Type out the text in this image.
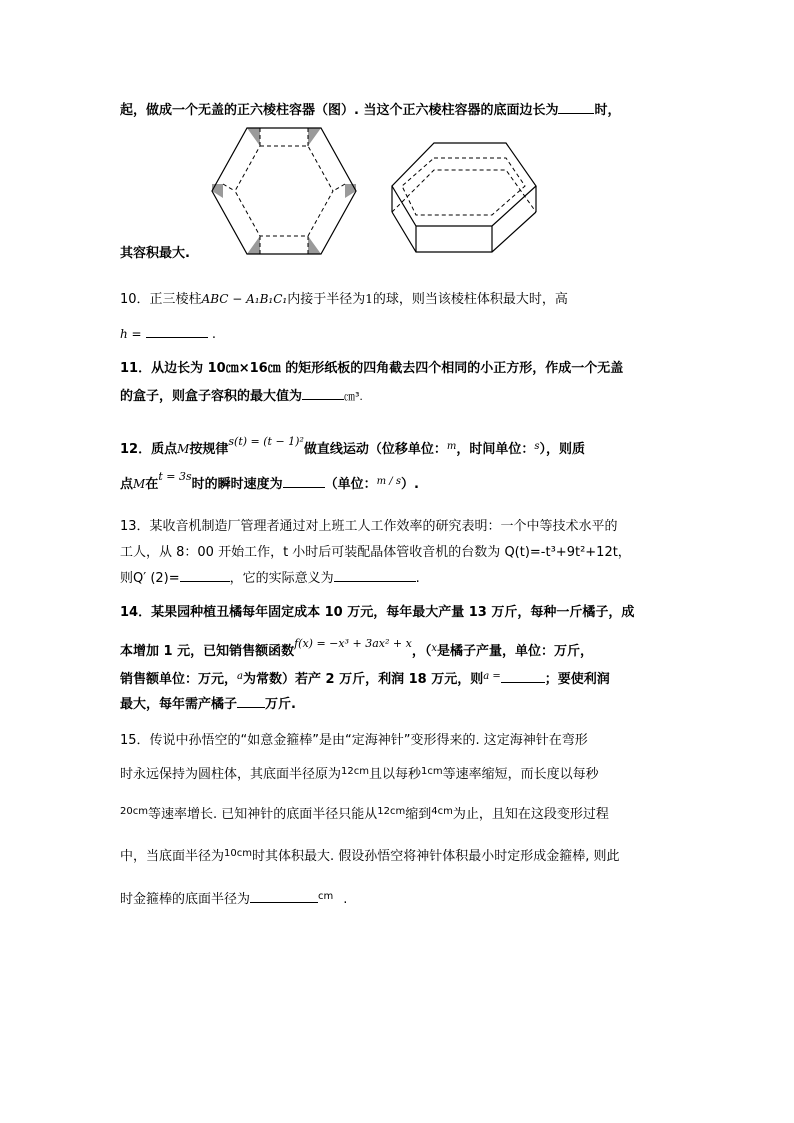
起，做成一个无盖的正六棱柱容器（图）. 当这个正六棱柱容器的底面边长为	时，
其容积最大.
10．正三棱柱ABC − A₁B₁C₁内接于半径为1的球，则当该棱柱体积最大时，高
h =	.
11．从边长为 10㎝×16㎝ 的矩形纸板的四角截去四个相同的小正方形，作成一个无盖
的盒子，则盒子容积的最大值为	㎝³.
12．质点M按规律$^{s(t) = (t - 1)^2}$做直线运动（位移单位：$^m$，时间单位：$^s$），则质
点M在$^{t = 3s}$时的瞬时速度为	（单位：$^{m / s}$）.
13．某收音机制造厂管理者通过对上班工人工作效率的研究表明：一个中等技术水平的
工人，从 8：00 开始工作，t 小时后可装配晶体管收音机的台数为 Q(t)=-t³+9t²+12t，
则Q′ (2)=	，它的实际意义为	.
14．某果园种植丑橘每年固定成本 10 万元，每年最大产量 13 万斤，每种一斤橘子，成
本增加 1 元，已知销售额函数$^{f(x) = -x^3 + 3ax^2 + x}$，（$^x$是橘子产量，单位：万斤，
销售额单位：万元，$^a$为常数）若产 2 万斤，利润 18 万元，则$^{a =}$	；要使利润
最大，每年需产橘子 万斤.
15．传说中孙悟空的“如意金箍棒”是由“定海神针”变形得来的. 这定海神针在弯形
时永远保持为圆柱体，其底面半径原为$^{12cm}$且以每秒$^{1cm}$等速率缩短，而长度以每秒
$^{20cm}$等速率增长. 已知神针的底面半径只能从$^{12cm}$缩到$^{4cm}$为止，且知在这段变形过程
中，当底面半径为$^{10cm}$时其体积最大. 假设孙悟空将神针体积最小时定形成金箍棒, 则此
时金箍棒的底面半径为	$^{cm}$ .
